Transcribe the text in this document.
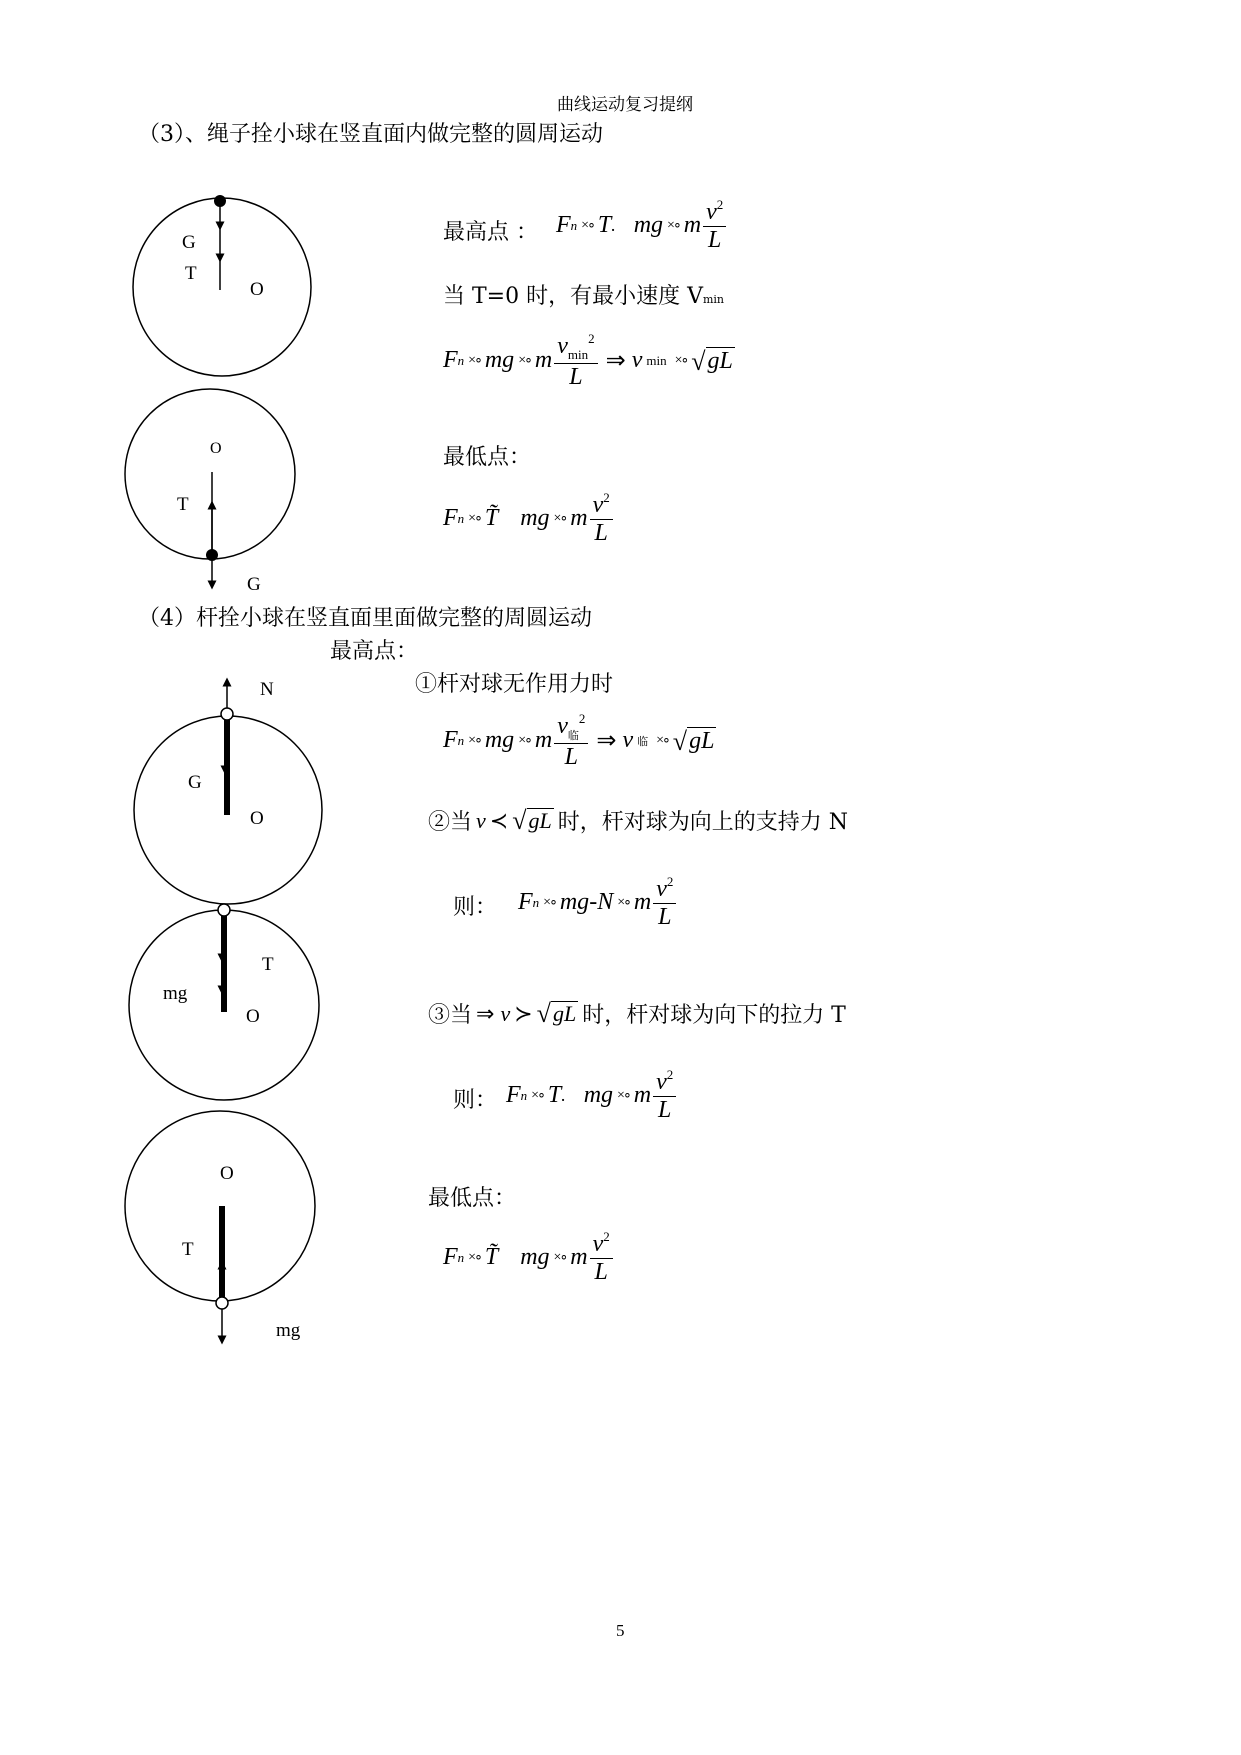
曲线运动复习提纲
（3）、绳子拴小球在竖直面内做完整的圆周运动
G
T
O
O
T
G
N
G
O
T
mg
O
O
T
mg
最高点 ： F n ×∘ T . mg ×∘ m $\frac{v^2}{L}$
当 T=0 时，有最小速度 Vmin
F n ×∘ mg ×∘ m $\frac{v_{min}^2}{L}$ ⇒ v min ×∘ √ gL
最低点：
F n ×∘ T̃ mg ×∘ m $\frac{v^2}{L}$
（4）杆拴小球在竖直面里面做完整的周圆运动
最高点：
①杆对球无作用力时
F n ×∘ mg ×∘ m $\frac{v_临^2}{L}$ ⇒ v 临 ×∘ √ gL
②当 v ≺ √ gL 时，杆对球为向上的支持力 N
则： F n ×∘ mg - N ×∘ m $\frac{v^2}{L}$
③当 ⇒ v ≻ √ gL 时，杆对球为向下的拉力 T
则： F n ×∘ T . mg ×∘ m $\frac{v^2}{L}$
最低点：
F n ×∘ T̃ mg ×∘ m $\frac{v^2}{L}$
5
